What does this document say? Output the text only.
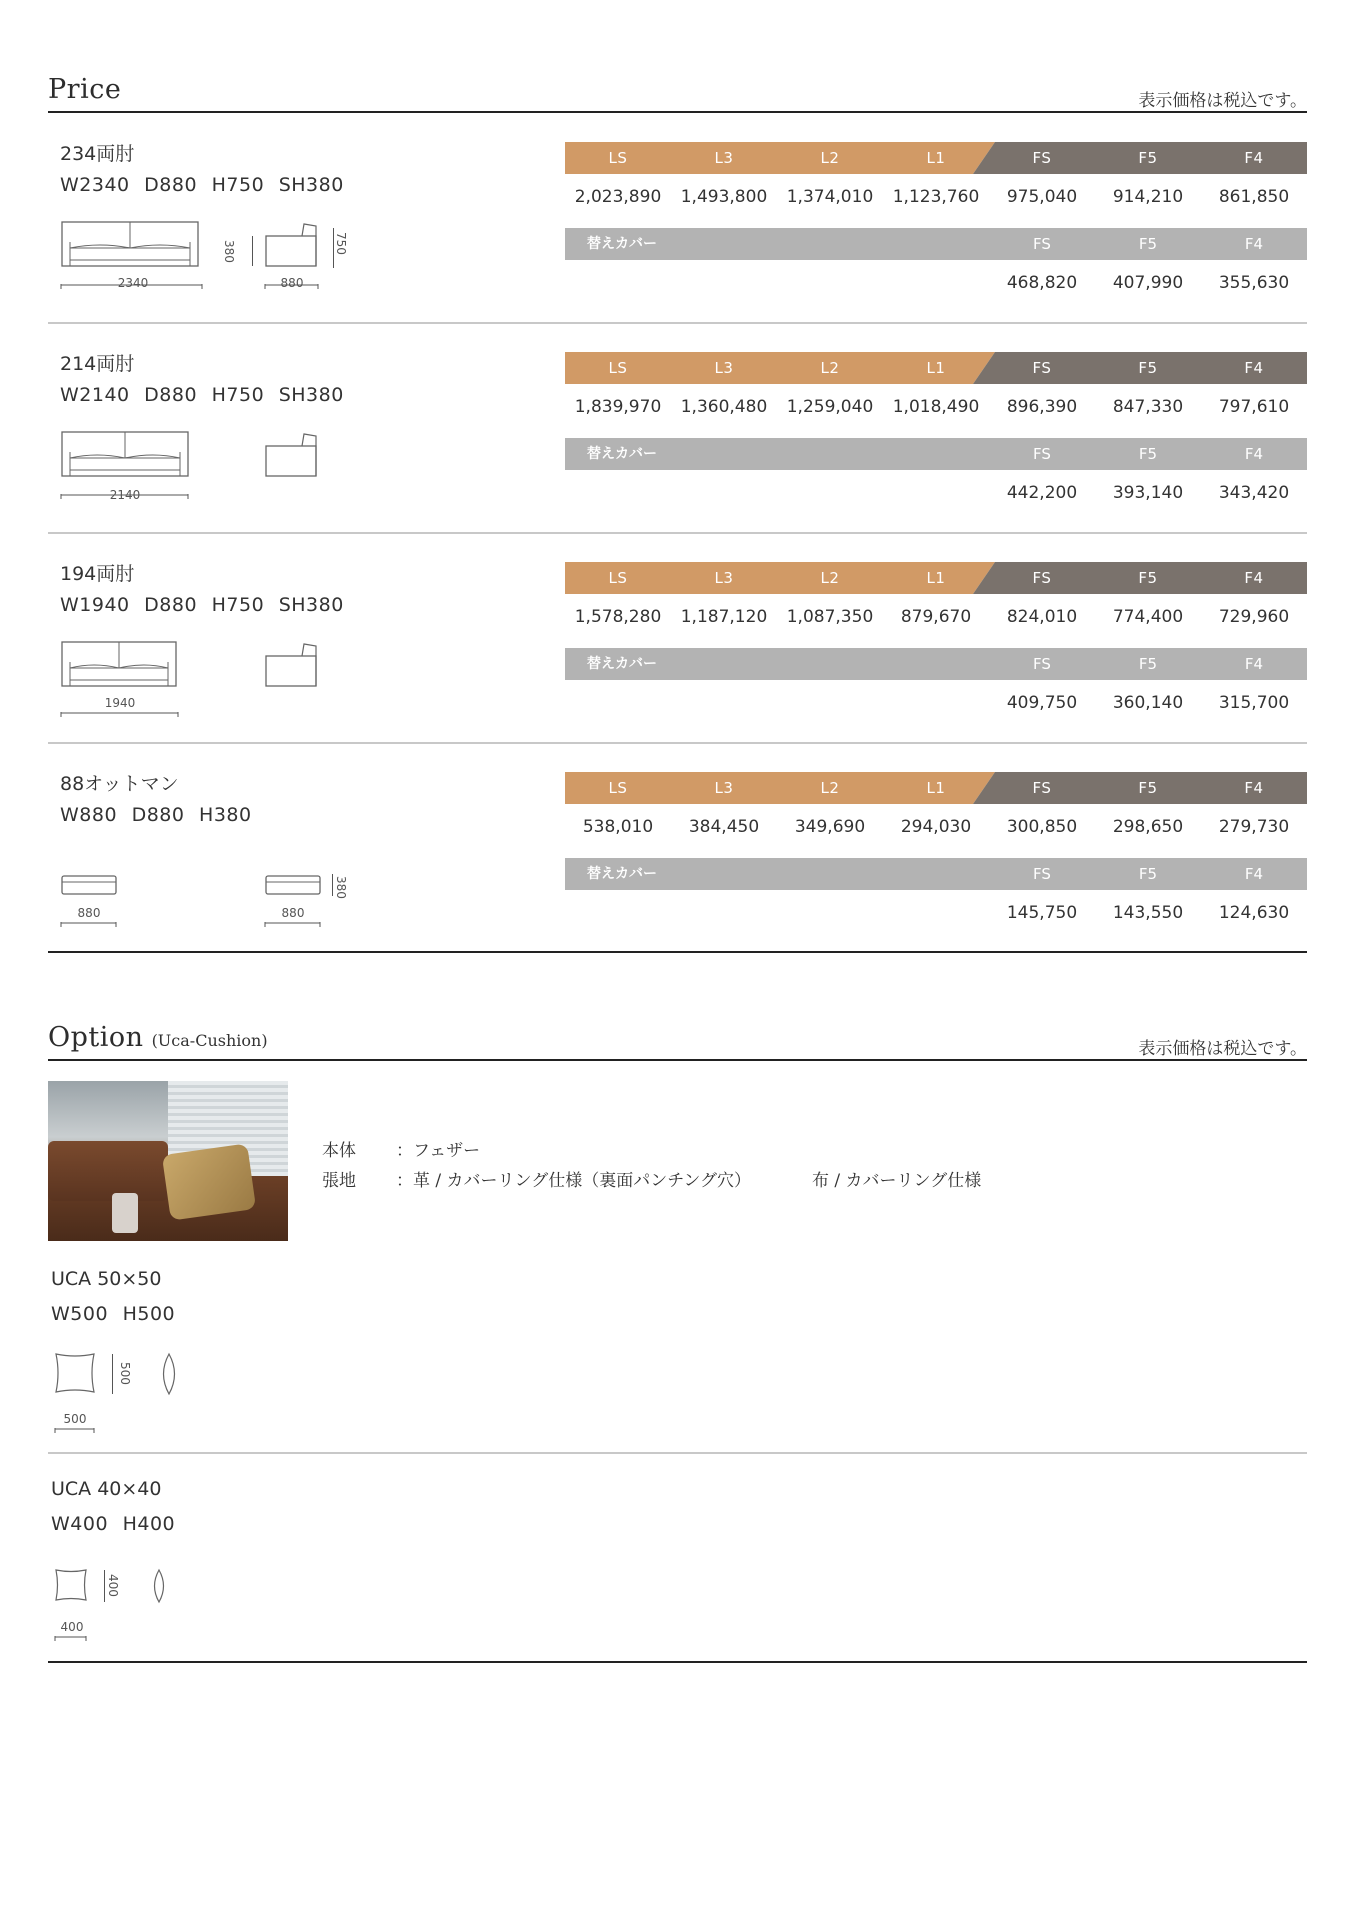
Price	表示価格は税込です。
234両肘
W2340 D880 H750 SH380
2340
380	750
880
LS	L3	L2	L1	FS	F5	F4
2,023,890	1,493,800	1,374,010	1,123,760	975,040	914,210	861,850
替えカバー	FS	F5	F4
468,820	407,990	355,630
214両肘
W2140 D880 H750 SH380
2140
LS	L3	L2	L1	FS	F5	F4
1,839,970	1,360,480	1,259,040	1,018,490	896,390	847,330	797,610
替えカバー	FS	F5	F4
442,200	393,140	343,420
194両肘
W1940 D880 H750 SH380
1940
LS	L3	L2	L1	FS	F5	F4
1,578,280	1,187,120	1,087,350	879,670	824,010	774,400	729,960
替えカバー	FS	F5	F4
409,750	360,140	315,700
88オットマン
W880 D880 H380
880
380
880
LS	L3	L2	L1	FS	F5	F4
538,010	384,450	349,690	294,030	300,850	298,650	279,730
替えカバー	FS	F5	F4
145,750	143,550	124,630
Option (Uca-Cushion)	表示価格は税込です。
本体 ：フェザー
張地 ：革 / カバーリング仕様（裏面パンチング穴）	布 / カバーリング仕様
UCA 50×50
W500 H500
500
500
UCA 40×40
W400 H400
400
400
